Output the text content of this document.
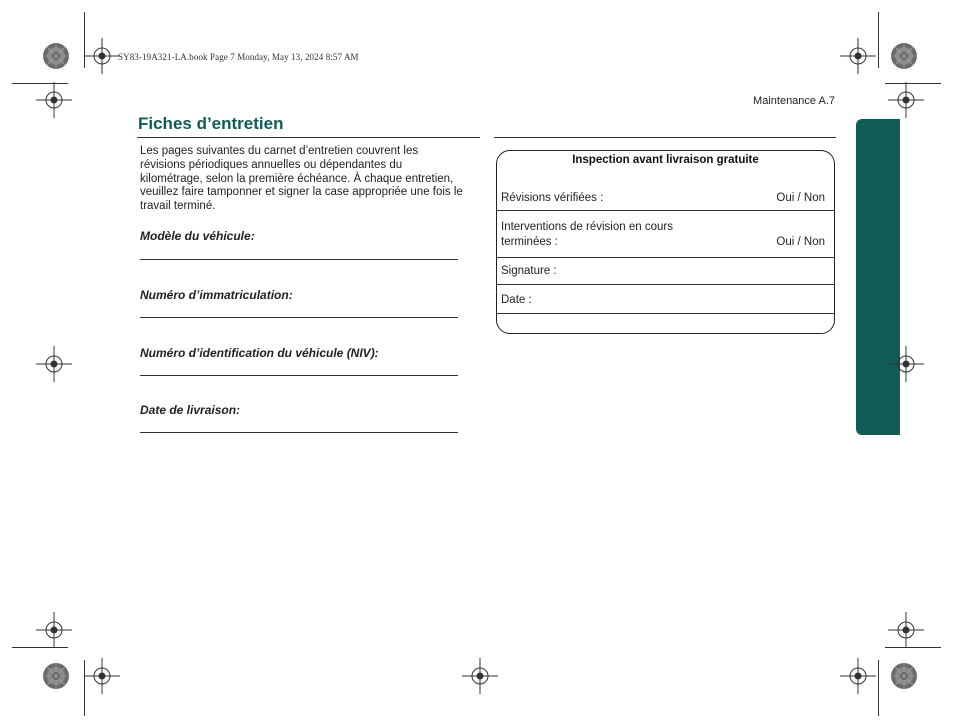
SY83-19A321-LA.book Page 7 Monday, May 13, 2024 8:57 AM
Maintenance A.7
Fiches d’entretien
Les pages suivantes du carnet d’entretien couvrent les révisions périodiques annuelles ou dépendantes du kilométrage, selon la première échéance. À chaque entretien, veuillez faire tamponner et signer la case appropriée une fois le travail terminé.
Modèle du véhicule:
Numéro d’immatriculation:
Numéro d’identification du véhicule (NIV):
Date de livraison:
Inspection avant livraison gratuite
Révisions vérifiées :	Oui / Non
Interventions de révision en cours
terminées :	Oui / Non
Signature :
Date :
